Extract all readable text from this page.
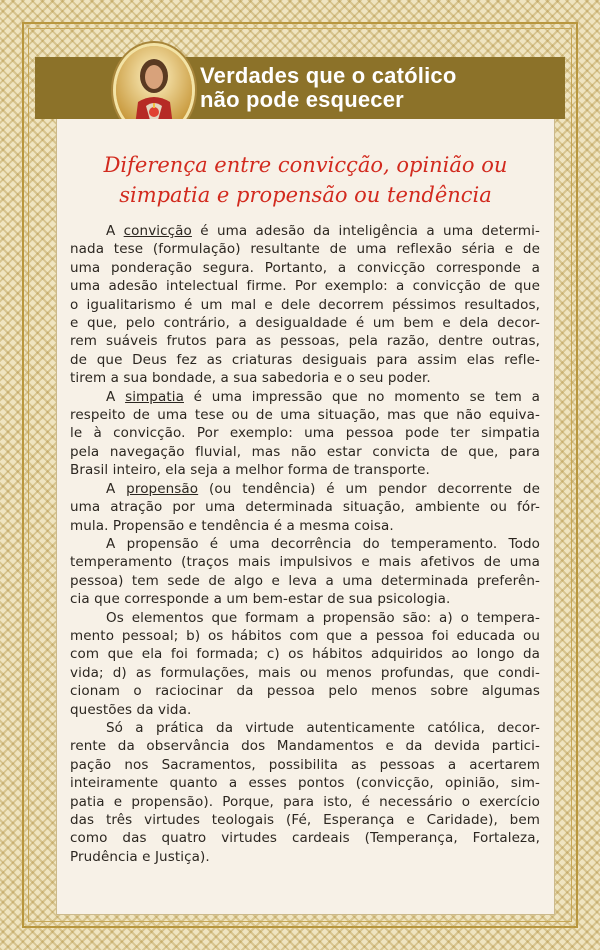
Verdades que o católico
não pode esquecer
Diferença entre convicção, opinião ou
simpatia e propensão ou tendência
A convicção é uma adesão da inteligência a uma determi-
nada tese (formulação) resultante de uma reflexão séria e de
uma ponderação segura. Portanto, a convicção corresponde a
uma adesão intelectual firme. Por exemplo: a convicção de que
o igualitarismo é um mal e dele decorrem péssimos resultados,
e que, pelo contrário, a desigualdade é um bem e dela decor-
rem suáveis frutos para as pessoas, pela razão, dentre outras,
de que Deus fez as criaturas desiguais para assim elas refle-
tirem a sua bondade, a sua sabedoria e o seu poder.
A simpatia é uma impressão que no momento se tem a
respeito de uma tese ou de uma situação, mas que não equiva-
le à convicção. Por exemplo: uma pessoa pode ter simpatia
pela navegação fluvial, mas não estar convicta de que, para
Brasil inteiro, ela seja a melhor forma de transporte.
A propensão (ou tendência) é um pendor decorrente de
uma atração por uma determinada situação, ambiente ou fór-
mula. Propensão e tendência é a mesma coisa.
A propensão é uma decorrência do temperamento. Todo
temperamento (traços mais impulsivos e mais afetivos de uma
pessoa) tem sede de algo e leva a uma determinada preferên-
cia que corresponde a um bem-estar de sua psicologia.
Os elementos que formam a propensão são: a) o tempera-
mento pessoal; b) os hábitos com que a pessoa foi educada ou
com que ela foi formada; c) os hábitos adquiridos ao longo da
vida; d) as formulações, mais ou menos profundas, que condi-
cionam o raciocinar da pessoa pelo menos sobre algumas
questões da vida.
Só a prática da virtude autenticamente católica, decor-
rente da observância dos Mandamentos e da devida partici-
pação nos Sacramentos, possibilita as pessoas a acertarem
inteiramente quanto a esses pontos (convicção, opinião, sim-
patia e propensão). Porque, para isto, é necessário o exercício
das três virtudes teologais (Fé, Esperança e Caridade), bem
como das quatro virtudes cardeais (Temperança, Fortaleza,
Prudência e Justiça).
